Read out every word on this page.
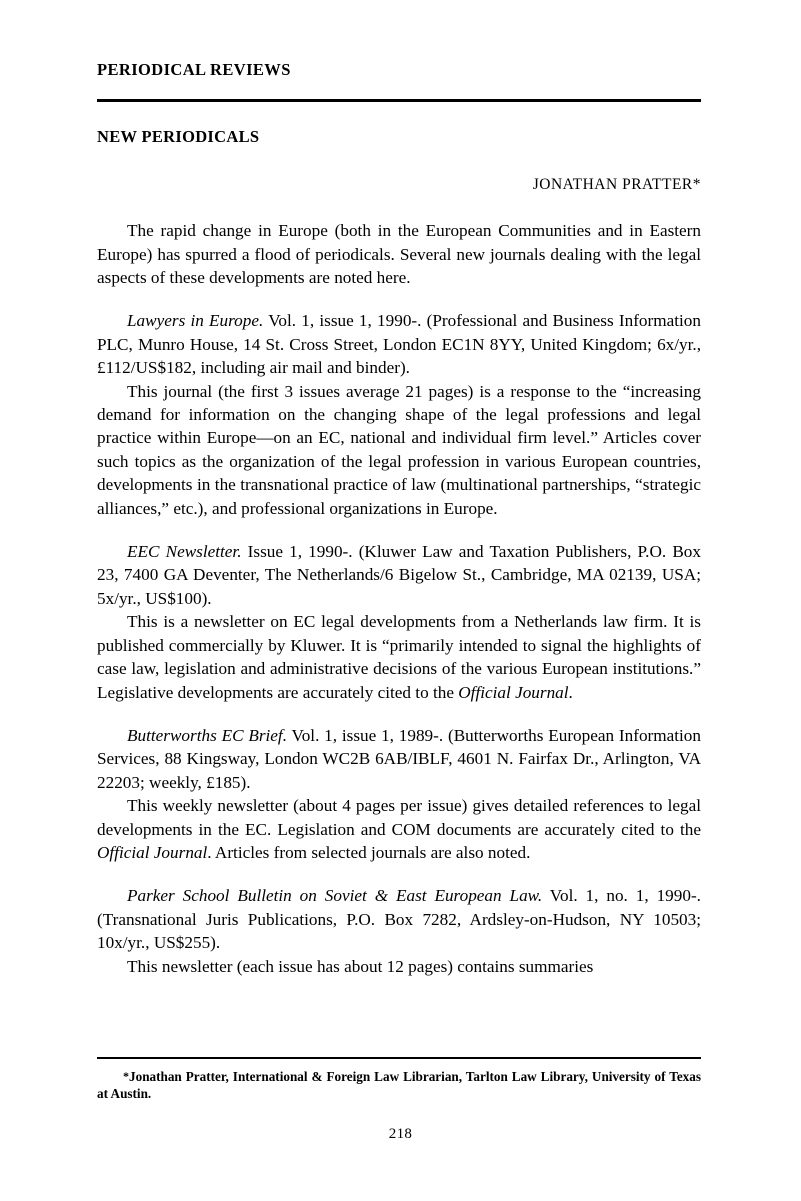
PERIODICAL REVIEWS
NEW PERIODICALS
JONATHAN PRATTER*

The rapid change in Europe (both in the European Communities and in Eastern Europe) has spurred a flood of periodicals. Several new journals dealing with the legal aspects of these developments are noted here.

Lawyers in Europe. Vol. 1, issue 1, 1990-. (Professional and Business Information PLC, Munro House, 14 St. Cross Street, London EC1N 8YY, United Kingdom; 6x/yr., £112/US$182, including air mail and binder).

This journal (the first 3 issues average 21 pages) is a response to the “increasing demand for information on the changing shape of the legal professions and legal practice within Europe—on an EC, national and individual firm level.” Articles cover such topics as the organization of the legal profession in various European countries, developments in the transnational practice of law (multinational partnerships, “strategic alliances,” etc.), and professional organizations in Europe.

EEC Newsletter. Issue 1, 1990-. (Kluwer Law and Taxation Publishers, P.O. Box 23, 7400 GA Deventer, The Netherlands/6 Bigelow St., Cambridge, MA 02139, USA; 5x/yr., US$100).

This is a newsletter on EC legal developments from a Netherlands law firm. It is published commercially by Kluwer. It is “primarily intended to signal the highlights of case law, legislation and administrative decisions of the various European institutions.” Legislative developments are accurately cited to the Official Journal.

Butterworths EC Brief. Vol. 1, issue 1, 1989-. (Butterworths European Information Services, 88 Kingsway, London WC2B 6AB/IBLF, 4601 N. Fairfax Dr., Arlington, VA 22203; weekly, £185).

This weekly newsletter (about 4 pages per issue) gives detailed references to legal developments in the EC. Legislation and COM documents are accurately cited to the Official Journal. Articles from selected journals are also noted.

Parker School Bulletin on Soviet & East European Law. Vol. 1, no. 1, 1990-. (Transnational Juris Publications, P.O. Box 7282, Ardsley-on-Hudson, NY 10503; 10x/yr., US$255).

This newsletter (each issue has about 12 pages) contains summaries

*Jonathan Pratter, International & Foreign Law Librarian, Tarlton Law Library, University of Texas at Austin.
218
